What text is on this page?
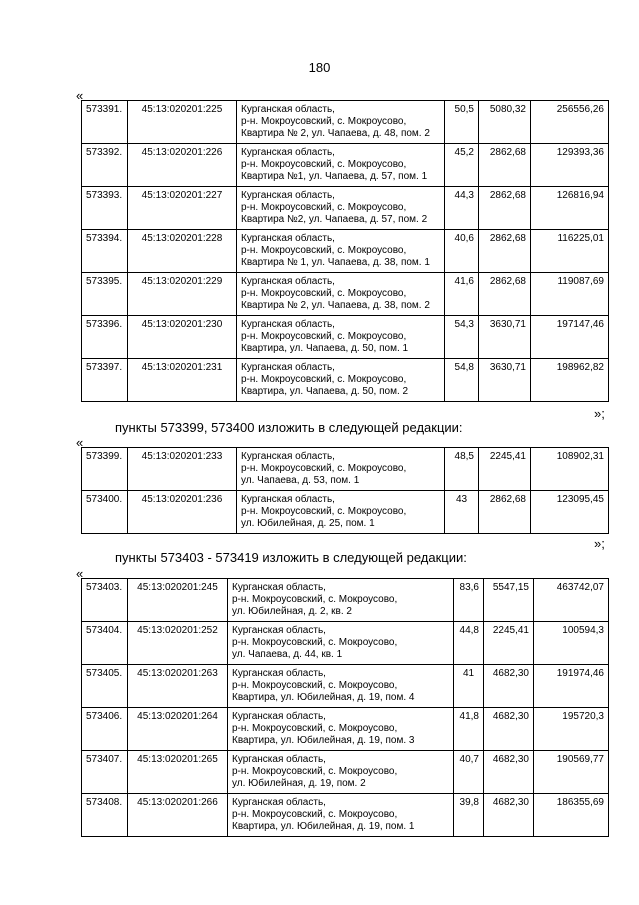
180
«
573391.	45:13:020201:225	Курганская область,
р-н. Мокроусовский, с. Мокроусово,
Квартира № 2, ул. Чапаева, д. 48, пом. 2	50,5	5080,32	256556,26
573392.	45:13:020201:226	Курганская область,
р-н. Мокроусовский, с. Мокроусово,
Квартира №1, ул. Чапаева, д. 57, пом. 1	45,2	2862,68	129393,36
573393.	45:13:020201:227	Курганская область,
р-н. Мокроусовский, с. Мокроусово,
Квартира №2, ул. Чапаева, д. 57, пом. 2	44,3	2862,68	126816,94
573394.	45:13:020201:228	Курганская область,
р-н. Мокроусовский, с. Мокроусово,
Квартира № 1, ул. Чапаева, д. 38, пом. 1	40,6	2862,68	116225,01
573395.	45:13:020201:229	Курганская область,
р-н. Мокроусовский, с. Мокроусово,
Квартира № 2, ул. Чапаева, д. 38, пом. 2	41,6	2862,68	119087,69
573396.	45:13:020201:230	Курганская область,
р-н. Мокроусовский, с. Мокроусово,
Квартира, ул. Чапаева, д. 50, пом. 1	54,3	3630,71	197147,46
573397.	45:13:020201:231	Курганская область,
р-н. Мокроусовский, с. Мокроусово,
Квартира, ул. Чапаева, д. 50, пом. 2	54,8	3630,71	198962,82
»;
пункты 573399, 573400 изложить в следующей редакции:
«
573399.	45:13:020201:233	Курганская область,
р-н. Мокроусовский, с. Мокроусово,
ул. Чапаева, д. 53, пом. 1	48,5	2245,41	108902,31
573400.	45:13:020201:236	Курганская область,
р-н. Мокроусовский, с. Мокроусово,
ул. Юбилейная, д. 25, пом. 1	43	2862,68	123095,45
»;
пункты 573403 - 573419 изложить в следующей редакции:
«
573403.	45:13:020201:245	Курганская область,
р-н. Мокроусовский, с. Мокроусово,
ул. Юбилейная, д. 2, кв. 2	83,6	5547,15	463742,07
573404.	45:13:020201:252	Курганская область,
р-н. Мокроусовский, с. Мокроусово,
ул. Чапаева, д. 44, кв. 1	44,8	2245,41	100594,3
573405.	45:13:020201:263	Курганская область,
р-н. Мокроусовский, с. Мокроусово,
Квартира, ул. Юбилейная, д. 19, пом. 4	41	4682,30	191974,46
573406.	45:13:020201:264	Курганская область,
р-н. Мокроусовский, с. Мокроусово,
Квартира, ул. Юбилейная, д. 19, пом. 3	41,8	4682,30	195720,3
573407.	45:13:020201:265	Курганская область,
р-н. Мокроусовский, с. Мокроусово,
ул. Юбилейная, д. 19, пом. 2	40,7	4682,30	190569,77
573408.	45:13:020201:266	Курганская область,
р-н. Мокроусовский, с. Мокроусово,
Квартира, ул. Юбилейная, д. 19, пом. 1	39,8	4682,30	186355,69
